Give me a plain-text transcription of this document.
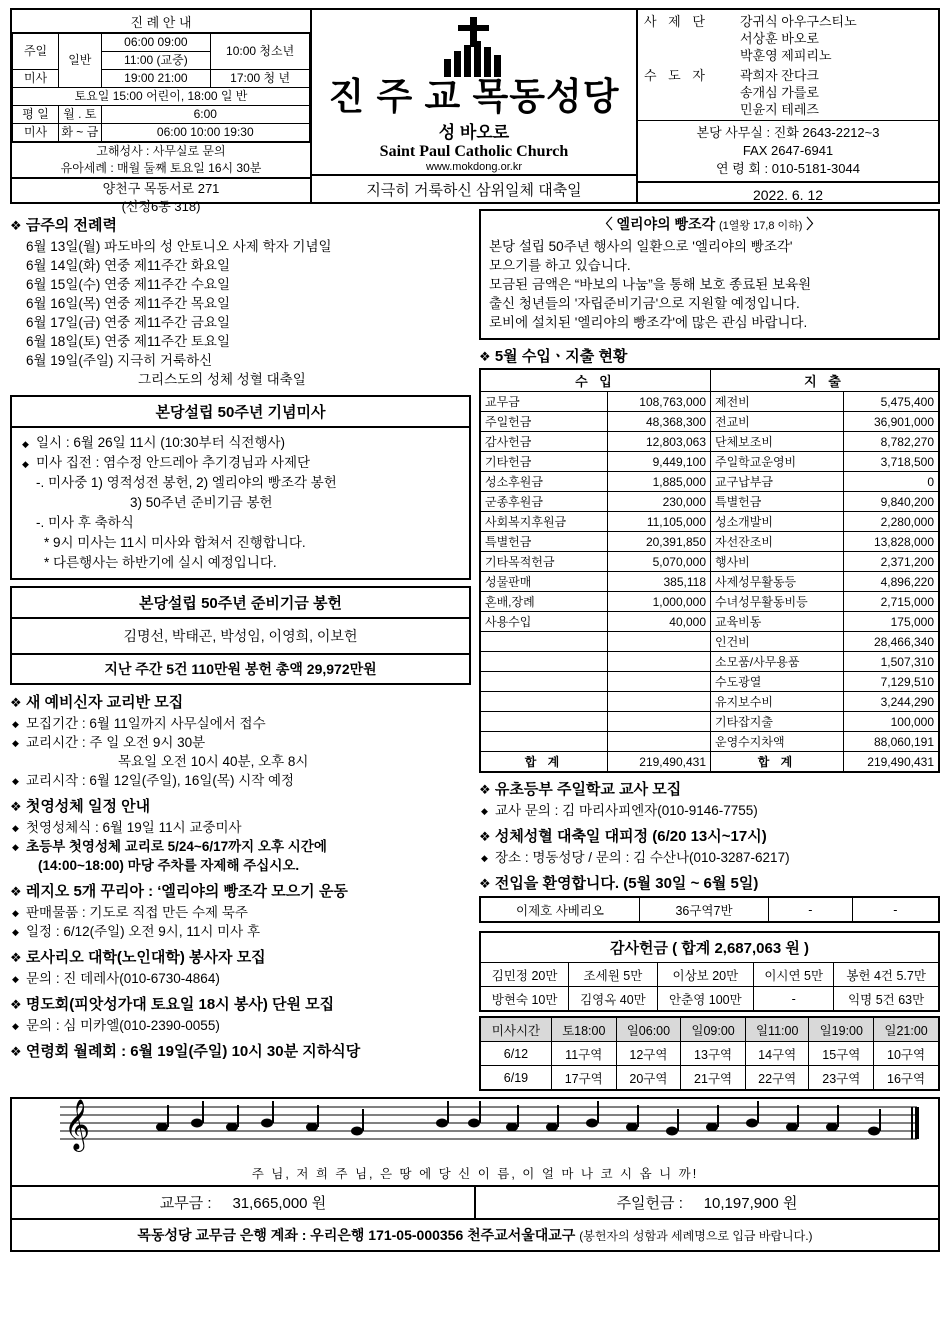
진 례 안 내
주일	일반	06:00 09:00	10:00 청소년
		11:00 (교중)	
미사		19:00 21:00	17:00 청 년
토요일 15:00 어린이, 18:00 일 반			
평 일	월 . 토	6:00	
미사	화 ~ 금	06:00 10:00 19:30	
고해성사 : 사무실로 문의
유아세례 : 매월 둘째 토요일 16시 30분
양천구 목동서로 271
(신정6동 318)
진 주 교 목동성당
성 바오로
Saint Paul Catholic Church
www.mokdong.or.kr
지극히 거룩하신 삼위일체 대축일
사 제 단	강귀식 아우구스티노
서상훈 바오로
박훈영 제피리노
수 도 자	곽희자 잔다크
송개심 가를로
민윤지 테레즈
본당 사무실 : 진화 2643-2212~3
FAX 2647-6941
연 령 회 : 010-5181-3044
2022. 6. 12
❖ 금주의 전례력
6월 13일(월) 파도바의 성 안토니오 사제 학자 기념일
6월 14일(화) 연중 제11주간 화요일
6월 15일(수) 연중 제11주간 수요일
6월 16일(목) 연중 제11주간 목요일
6월 17일(금) 연중 제11주간 금요일
6월 18일(토) 연중 제11주간 토요일
6월 19일(주일) 지극히 거룩하신
그리스도의 성체 성혈 대축일
본당설립 50주년 기념미사
◆ 일시 : 6월 26일 11시 (10:30부터 식전행사)
◆ 미사 집전 : 염수정 안드레아 추기경님과 사제단
-. 미사중 1) 영적성전 봉헌, 2) 엘리야의 빵조각 봉헌
3) 50주년 준비기금 봉헌
-. 미사 후 축하식
* 9시 미사는 11시 미사와 합쳐서 진행합니다.
* 다른행사는 하반기에 실시 예정입니다.
본당설립 50주년 준비기금 봉헌
김명선, 박태곤, 박성임, 이영희, 이보헌
지난 주간 5건 110만원 봉헌 총액 29,972만원
❖ 새 예비신자 교리반 모집
◆ 모집기간 : 6월 11일까지 사무실에서 접수
◆ 교리시간 : 주 일 오전 9시 30분
목요일 오전 10시 40분, 오후 8시
◆ 교리시작 : 6월 12일(주일), 16일(목) 시작 예정
❖ 첫영성체 일정 안내
◆ 첫영성체식 : 6월 19일 11시 교중미사
◆ 초등부 첫영성체 교리로 5/24~6/17까지 오후 시간에
(14:00~18:00) 마당 주차를 자제해 주십시오.
❖ 레지오 5개 꾸리아 : ‘엘리야의 빵조각 모으기 운동
◆ 판매물품 : 기도로 직접 만든 수제 묵주
◆ 일정 : 6/12(주일) 오전 9시, 11시 미사 후
❖ 로사리오 대학(노인대학) 봉사자 모집
◆ 문의 : 진 데레사(010-6730-4864)
❖ 명도회(피앗성가대 토요일 18시 봉사) 단원 모집
◆ 문의 : 심 미카엘(010-2390-0055)
❖ 연령회 월례회 : 6월 19일(주일) 10시 30분 지하식당
〈 엘리야의 빵조각 (1열왕 17,8 이하) 〉

본당 설립 50주년 행사의 일환으로 '엘리야의 빵조각'

모으기를 하고 있습니다.

모금된 금액은 “바보의 나눔”을 통해 보호 종료된 보육원

출신 청년들의 '자립준비기금'으로 지원할 예정입니다.

로비에 설치된 '엘리야의 빵조각'에 많은 관심 바랍니다.

❖ 5월 수입ㆍ지출 현황
수 입		지 출	
교무금	108,763,000	제전비	5,475,400
주일헌금	48,368,300	전교비	36,901,000
감사헌금	12,803,063	단체보조비	8,782,270
기타헌금	9,449,100	주일학교운영비	3,718,500
성소후원금	1,885,000	교구납부금	0
군종후원금	230,000	특별헌금	9,840,200
사회복지후원금	11,105,000	성소개발비	2,280,000
특별헌금	20,391,850	자선잔조비	13,828,000
기타목적헌금	5,070,000	행사비	2,371,200
성물판매	385,118	사제성무활동등	4,896,220
혼배,장례	1,000,000	수녀성무활동비등	2,715,000
사용수입	40,000	교육비동	175,000
		인건비	28,466,340
		소모품/사무용품	1,507,310
		수도광열	7,129,510
		유지보수비	3,244,290
		기타잡지출	100,000
		운영수지차액	88,060,191
합 계	219,490,431	합 계	219,490,431
❖ 유초등부 주일학교 교사 모집
◆ 교사 문의 : 김 마리사피엔자(010-9146-7755)
❖ 성체성혈 대축일 대피정 (6/20 13시~17시)
◆ 장소 : 명동성당 / 문의 : 김 수산나(010-3287-6217)
❖ 전입을 환영합니다. (5월 30일 ~ 6월 5일)
이제호 사베리오	36구역7반	-	-
감사헌금 ( 합계 2,687,063 원 )
김민정 20만	조세원 5만	이상보 20만	이시연 5만	봉헌 4건 5.7만
방현숙 10만	김영옥 40만	안춘영 100만	-	익명 5건 63만
미사시간	토18:00	일06:00	일09:00	일11:00	일19:00	일21:00
6/12	11구역	12구역	13구역	14구역	15구역	10구역
6/19	17구역	20구역	21구역	22구역	23구역	16구역
𝄞
주 님, 저 희 주 님, 은 땅 에 당 신 이 름, 이 얼 마 나 코 시 옵 니 까!
교무금 : 31,665,000 원	주일헌금 : 10,197,900 원
목동성당 교무금 은행 계좌 : 우리은행 171-05-000356 천주교서울대교구 (봉헌자의 성함과 세례명으로 입금 바랍니다.)
